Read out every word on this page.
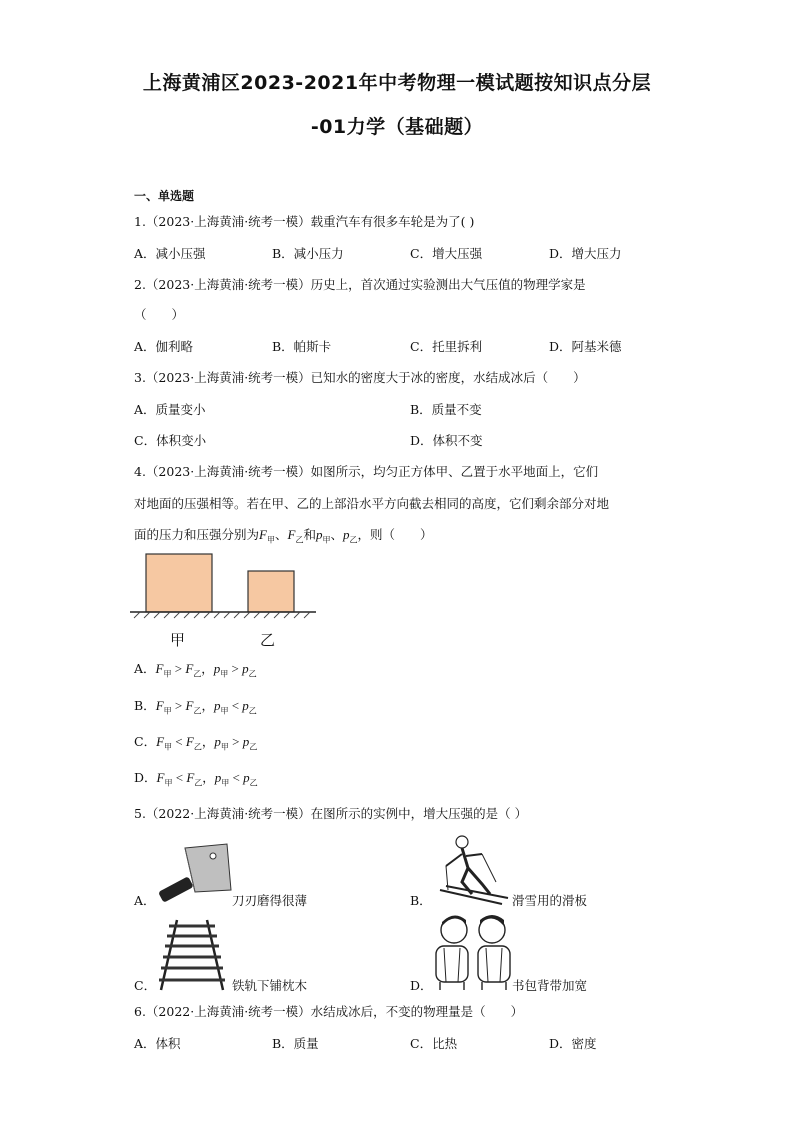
上海黄浦区2023-2021年中考物理一模试题按知识点分层
-01力学（基础题）
一、单选题
1.（2023·上海黄浦·统考一模）载重汽车有很多车轮是为了( )
A．减小压强	B．减小压力	C．增大压强	D．增大压力
2.（2023·上海黄浦·统考一模）历史上，首次通过实验测出大气压值的物理学家是
（　　）
A．伽利略	B．帕斯卡	C．托里拆利	D．阿基米德
3.（2023·上海黄浦·统考一模）已知水的密度大于冰的密度，水结成冰后（　　）
A．质量变小	B．质量不变
C．体积变小	D．体积不变
4.（2023·上海黄浦·统考一模）如图所示，均匀正方体甲、乙置于水平地面上，它们
对地面的压强相等。若在甲、乙的上部沿水平方向截去相同的高度，它们剩余部分对地
面的压力和压强分别为$F_甲$、$F_乙$和$p_甲$、$p_乙$，则（　　）
甲	乙
A．$F_甲 > F_乙$，$p_甲 > p_乙$
B．$F_甲 > F_乙$，$p_甲 < p_乙$
C．$F_甲 < F_乙$，$p_甲 > p_乙$
D．$F_甲 < F_乙$，$p_甲 < p_乙$
5.（2022·上海黄浦·统考一模）在图所示的实例中，增大压强的是（ ）
A．	刀刃磨得很薄	B．	滑雪用的滑板
C．	铁轨下铺枕木	D．	书包背带加宽
6.（2022·上海黄浦·统考一模）水结成冰后，不变的物理量是（　　）
A．体积	B．质量	C．比热	D．密度
